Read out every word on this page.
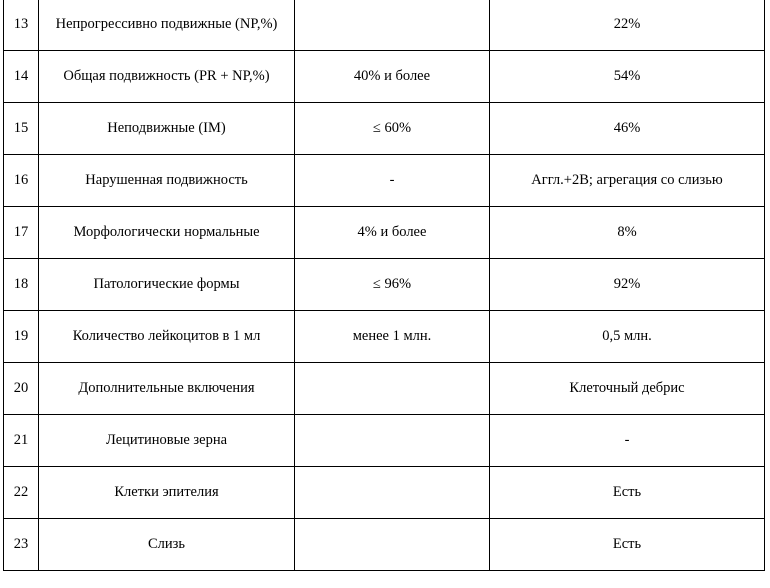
13	Непрогрессивно подвижные (NP,%)		22%
14	Общая подвижность (PR + NP,%)	40% и более	54%
15	Неподвижные (IM)	≤ 60%	46%
16	Нарушенная подвижность	-	Аггл.+2В; агрегация со слизью
17	Морфологически нормальные	4% и более	8%
18	Патологические формы	≤ 96%	92%
19	Количество лейкоцитов в 1 мл	менее 1 млн.	0,5 млн.
20	Дополнительные включения		Клеточный дебрис
21	Лецитиновые зерна		-
22	Клетки эпителия		Есть
23	Слизь		Есть
